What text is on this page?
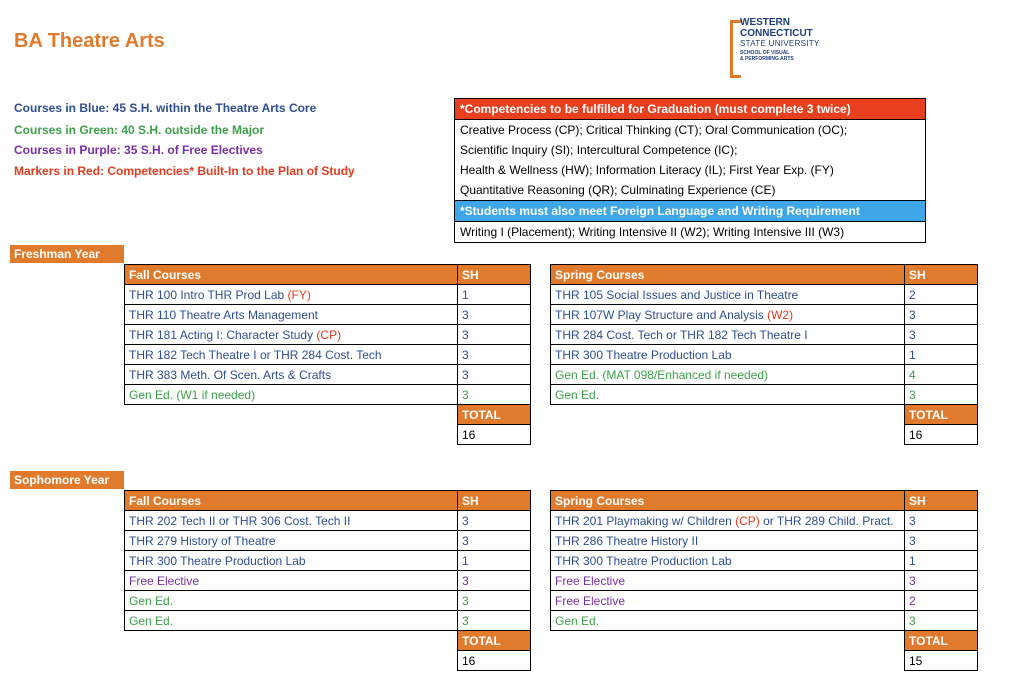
BA Theatre Arts
WESTERN
CONNECTICUT
STATE UNIVERSITY
SCHOOL OF VISUAL
& PERFORMING ARTS
Courses in Blue: 45 S.H. within the Theatre Arts Core
Courses in Green: 40 S.H. outside the Major
Courses in Purple: 35 S.H. of Free Electives
Markers in Red: Competencies* Built-In to the Plan of Study
*Competencies to be fulfilled for Graduation (must complete 3 twice)
Creative Process (CP); Critical Thinking (CT); Oral Communication (OC);
Scientific Inquiry (SI); Intercultural Competence (IC);
Health & Wellness (HW); Information Literacy (IL); First Year Exp. (FY)
Quantitative Reasoning (QR); Culminating Experience (CE)
*Students must also meet Foreign Language and Writing Requirement
Writing I (Placement); Writing Intensive II (W2); Writing Intensive III (W3)
Freshman Year
Fall Courses	SH
THR 100 Intro THR Prod Lab (FY)	1
THR 110 Theatre Arts Management	3
THR 181 Acting I: Character Study (CP)	3
THR 182 Tech Theatre I or THR 284 Cost. Tech	3
THR 383 Meth. Of Scen. Arts & Crafts	3
Gen Ed. (W1 if needed)	3
	TOTAL
	16
Spring Courses	SH
THR 105 Social Issues and Justice in Theatre	2
THR 107W Play Structure and Analysis (W2)	3
THR 284 Cost. Tech or THR 182 Tech Theatre I	3
THR 300 Theatre Production Lab	1
Gen Ed. (MAT 098/Enhanced if needed)	4
Gen Ed.	3
	TOTAL
	16
Sophomore Year
Fall Courses	SH
THR 202 Tech II or THR 306 Cost. Tech II	3
THR 279 History of Theatre	3
THR 300 Theatre Production Lab	1
Free Elective	3
Gen Ed.	3
Gen Ed.	3
	TOTAL
	16
Spring Courses	SH
THR 201 Playmaking w/ Children (CP) or THR 289 Child. Pract.	3
THR 286 Theatre History II	3
THR 300 Theatre Production Lab	1
Free Elective	3
Free Elective	2
Gen Ed.	3
	TOTAL
	15
